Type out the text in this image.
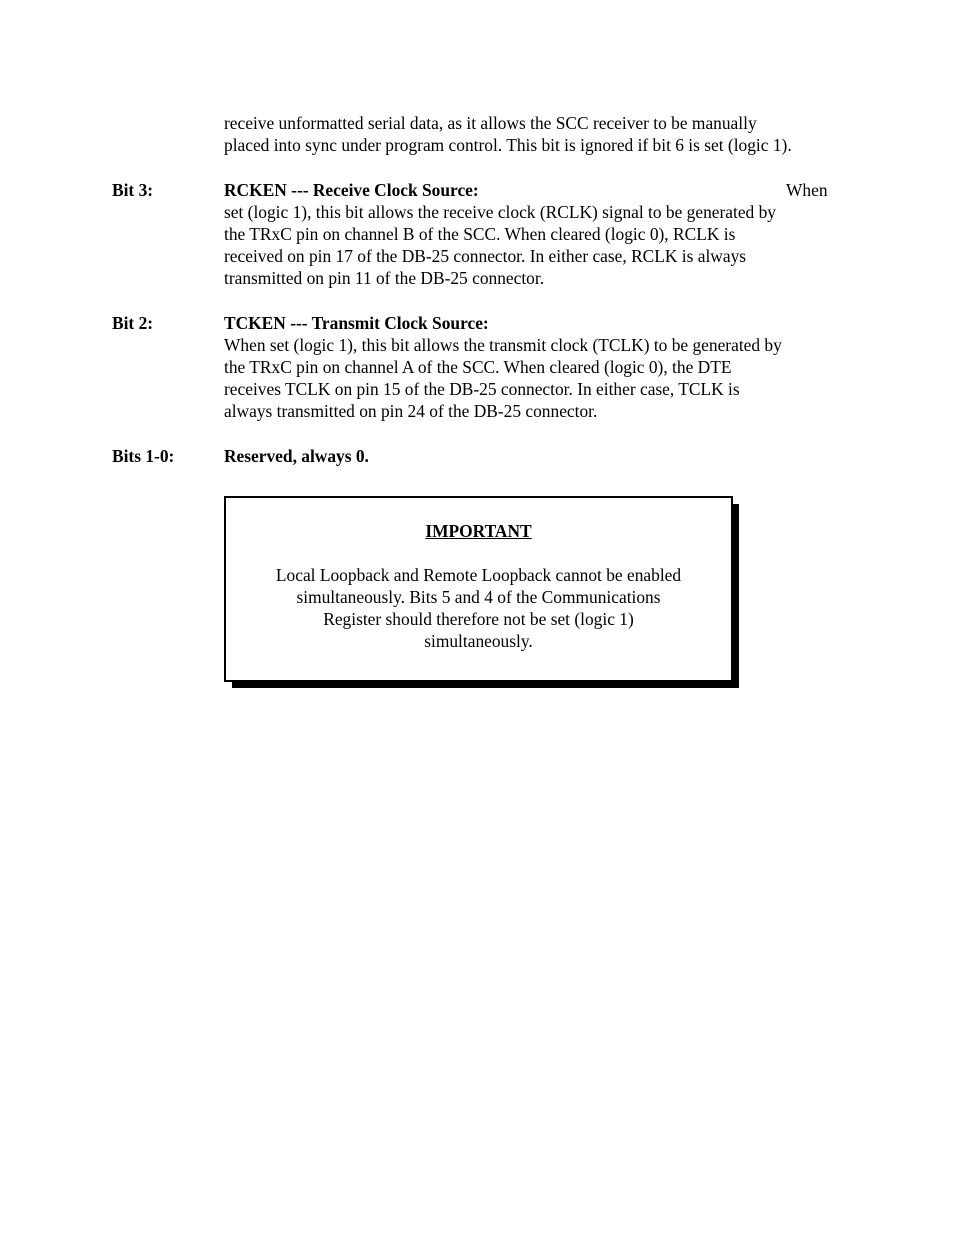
receive unformatted serial data, as it allows the SCC receiver to be manually
placed into sync under program control. This bit is ignored if bit 6 is set (logic 1).
Bit 3:	RCKEN --- Receive Clock Source:	When
set (logic 1), this bit allows the receive clock (RCLK) signal to be generated by
the TRxC pin on channel B of the SCC. When cleared (logic 0), RCLK is
received on pin 17 of the DB-25 connector. In either case, RCLK is always
transmitted on pin 11 of the DB-25 connector.
Bit 2:	TCKEN --- Transmit Clock Source:
When set (logic 1), this bit allows the transmit clock (TCLK) to be generated by
the TRxC pin on channel A of the SCC. When cleared (logic 0), the DTE
receives TCLK on pin 15 of the DB-25 connector. In either case, TCLK is
always transmitted on pin 24 of the DB-25 connector.
Bits 1-0:	Reserved, always 0.
IMPORTANT
Local Loopback and Remote Loopback cannot be enabled
simultaneously. Bits 5 and 4 of the Communications
Register should therefore not be set (logic 1)
simultaneously.
